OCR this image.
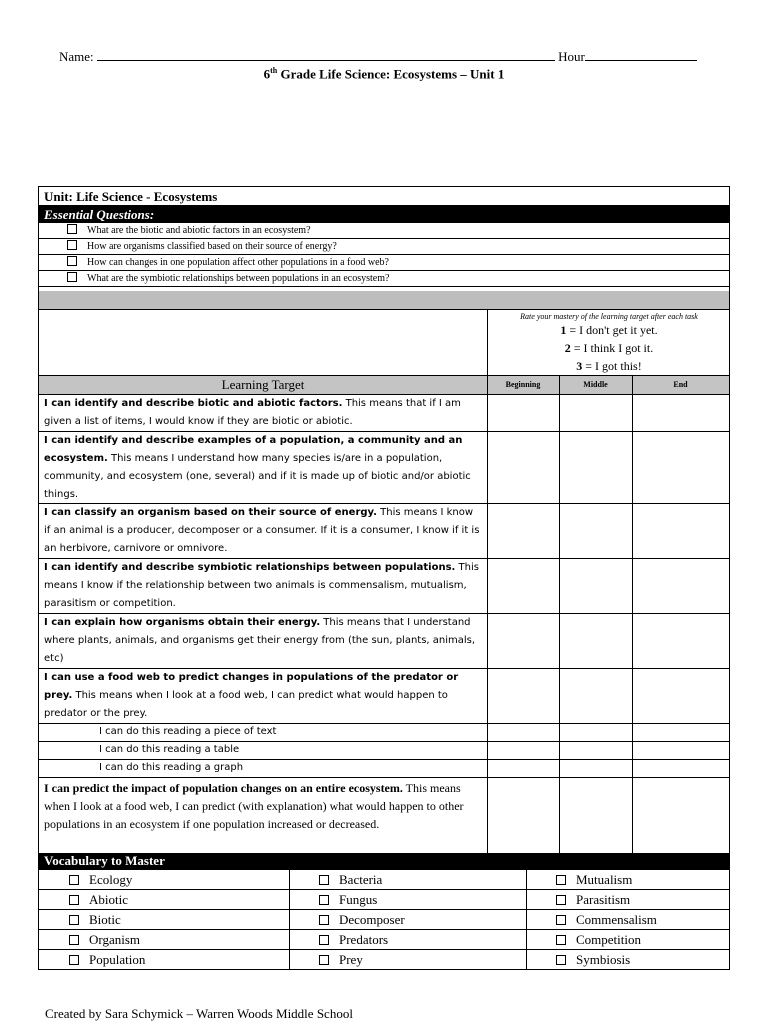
Name:	Hour
6th Grade Life Science: Ecosystems – Unit 1
Unit: Life Science - Ecosystems
Essential Questions:
What are the biotic and abiotic factors in an ecosystem?
How are organisms classified based on their source of energy?
How can changes in one population affect other populations in a food web?
What are the symbiotic relationships between populations in an ecosystem?
Rate your mastery of the learning target after each task
1 = I don't get it yet.
2 = I think I got it.
3 = I got this!
Learning Target	Beginning	Middle	End
I can identify and describe biotic and abiotic factors. This means that if I am given a list of items, I would know if they are biotic or abiotic.
I can identify and describe examples of a population, a community and an ecosystem. This means I understand how many species is/are in a population, community, and ecosystem (one, several) and if it is made up of biotic and/or abiotic things.
I can classify an organism based on their source of energy. This means I know if an animal is a producer, decomposer or a consumer. If it is a consumer, I know if it is an herbivore, carnivore or omnivore.
I can identify and describe symbiotic relationships between populations. This means I know if the relationship between two animals is commensalism, mutualism, parasitism or competition.
I can explain how organisms obtain their energy. This means that I understand where plants, animals, and organisms get their energy from (the sun, plants, animals, etc)
I can use a food web to predict changes in populations of the predator or prey. This means when I look at a food web, I can predict what would happen to predator or the prey.
I can do this reading a piece of text
I can do this reading a table
I can do this reading a graph
I can predict the impact of population changes on an entire ecosystem. This means when I look at a food web, I can predict (with explanation) what would happen to other populations in an ecosystem if one population increased or decreased.
Vocabulary to Master
Ecology	Bacteria	Mutualism
Abiotic	Fungus	Parasitism
Biotic	Decomposer	Commensalism
Organism	Predators	Competition
Population	Prey	Symbiosis
Created by Sara Schymick – Warren Woods Middle School
